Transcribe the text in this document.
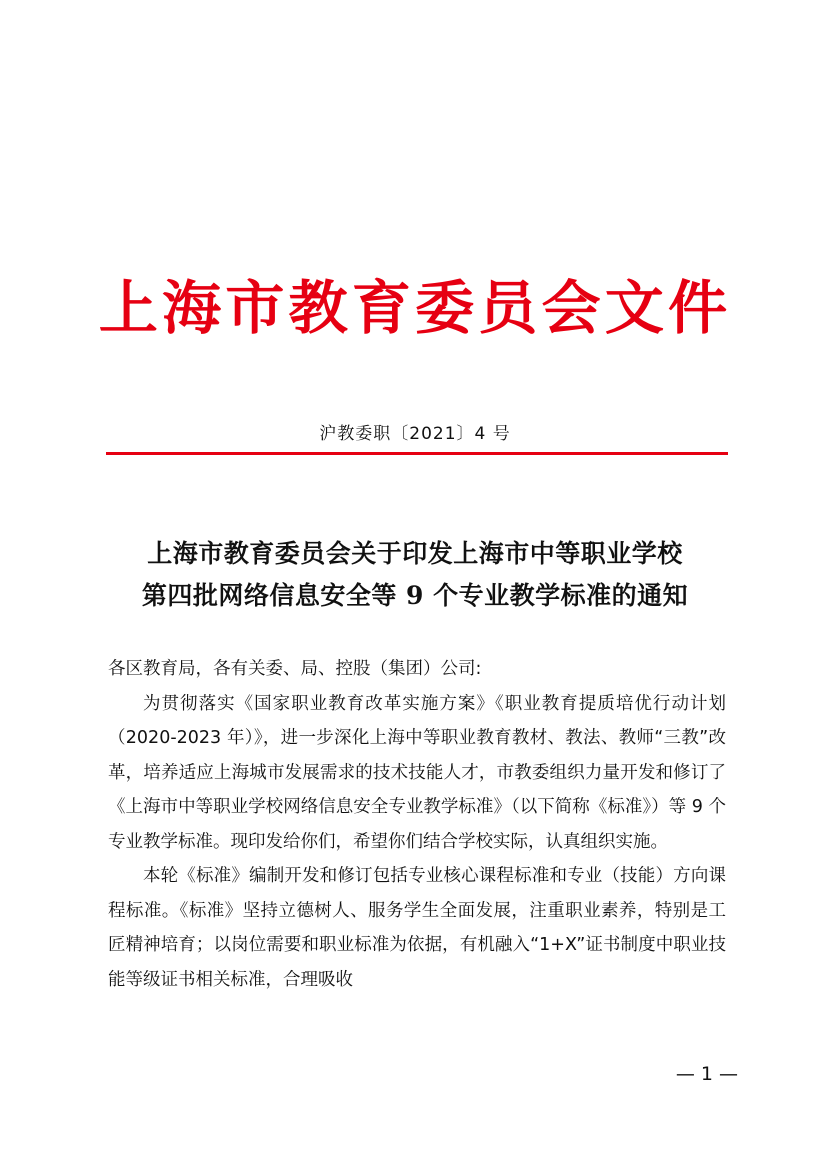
上海市教育委员会文件
沪教委职〔2021〕4 号
上海市教育委员会关于印发上海市中等职业学校
第四批网络信息安全等 9 个专业教学标准的通知

各区教育局，各有关委、局、控股（集团）公司:

为贯彻落实《国家职业教育改革实施方案》《职业教育提质培优行动计划（2020-2023 年）》，进一步深化上海中等职业教育教材、教法、教师“三教”改革，培养适应上海城市发展需求的技术技能人才，市教委组织力量开发和修订了《上海市中等职业学校网络信息安全专业教学标准》（以下简称《标准》）等 9 个专业教学标准。现印发给你们，希望你们结合学校实际，认真组织实施。

本轮《标准》编制开发和修订包括专业核心课程标准和专业（技能）方向课程标准。《标准》坚持立德树人、服务学生全面发展，注重职业素养，特别是工匠精神培育；以岗位需要和职业标准为依据，有机融入“1+X”证书制度中职业技能等级证书相关标准，合理吸收

— 1 —
